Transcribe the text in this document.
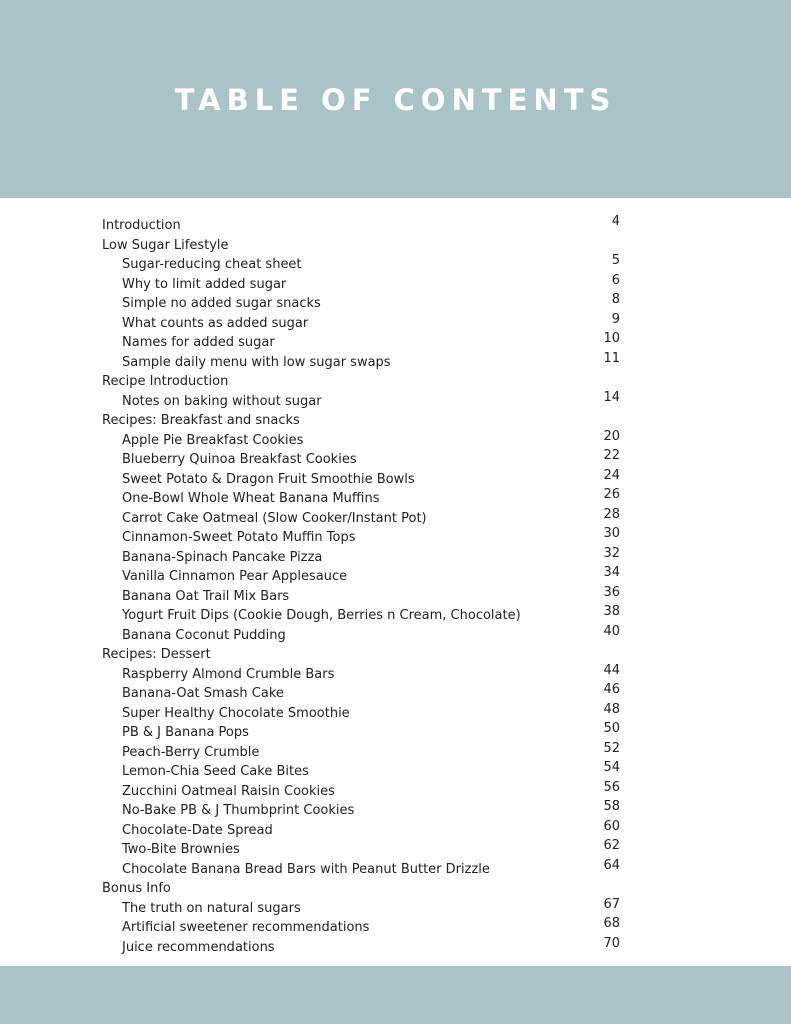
TABLE OF CONTENTS
Introduction	4
Low Sugar Lifestyle
Sugar-reducing cheat sheet	5
Why to limit added sugar	6
Simple no added sugar snacks	8
What counts as added sugar	9
Names for added sugar	10
Sample daily menu with low sugar swaps	11
Recipe Introduction
Notes on baking without sugar	14
Recipes: Breakfast and snacks
Apple Pie Breakfast Cookies	20
Blueberry Quinoa Breakfast Cookies	22
Sweet Potato & Dragon Fruit Smoothie Bowls	24
One-Bowl Whole Wheat Banana Muffins	26
Carrot Cake Oatmeal (Slow Cooker/Instant Pot)	28
Cinnamon-Sweet Potato Muffin Tops	30
Banana-Spinach Pancake Pizza	32
Vanilla Cinnamon Pear Applesauce	34
Banana Oat Trail Mix Bars	36
Yogurt Fruit Dips (Cookie Dough, Berries n Cream, Chocolate)	38
Banana Coconut Pudding	40
Recipes: Dessert
Raspberry Almond Crumble Bars	44
Banana-Oat Smash Cake	46
Super Healthy Chocolate Smoothie	48
PB & J Banana Pops	50
Peach-Berry Crumble	52
Lemon-Chia Seed Cake Bites	54
Zucchini Oatmeal Raisin Cookies	56
No-Bake PB & J Thumbprint Cookies	58
Chocolate-Date Spread	60
Two-Bite Brownies	62
Chocolate Banana Bread Bars with Peanut Butter Drizzle	64
Bonus Info
The truth on natural sugars	67
Artificial sweetener recommendations	68
Juice recommendations	70
